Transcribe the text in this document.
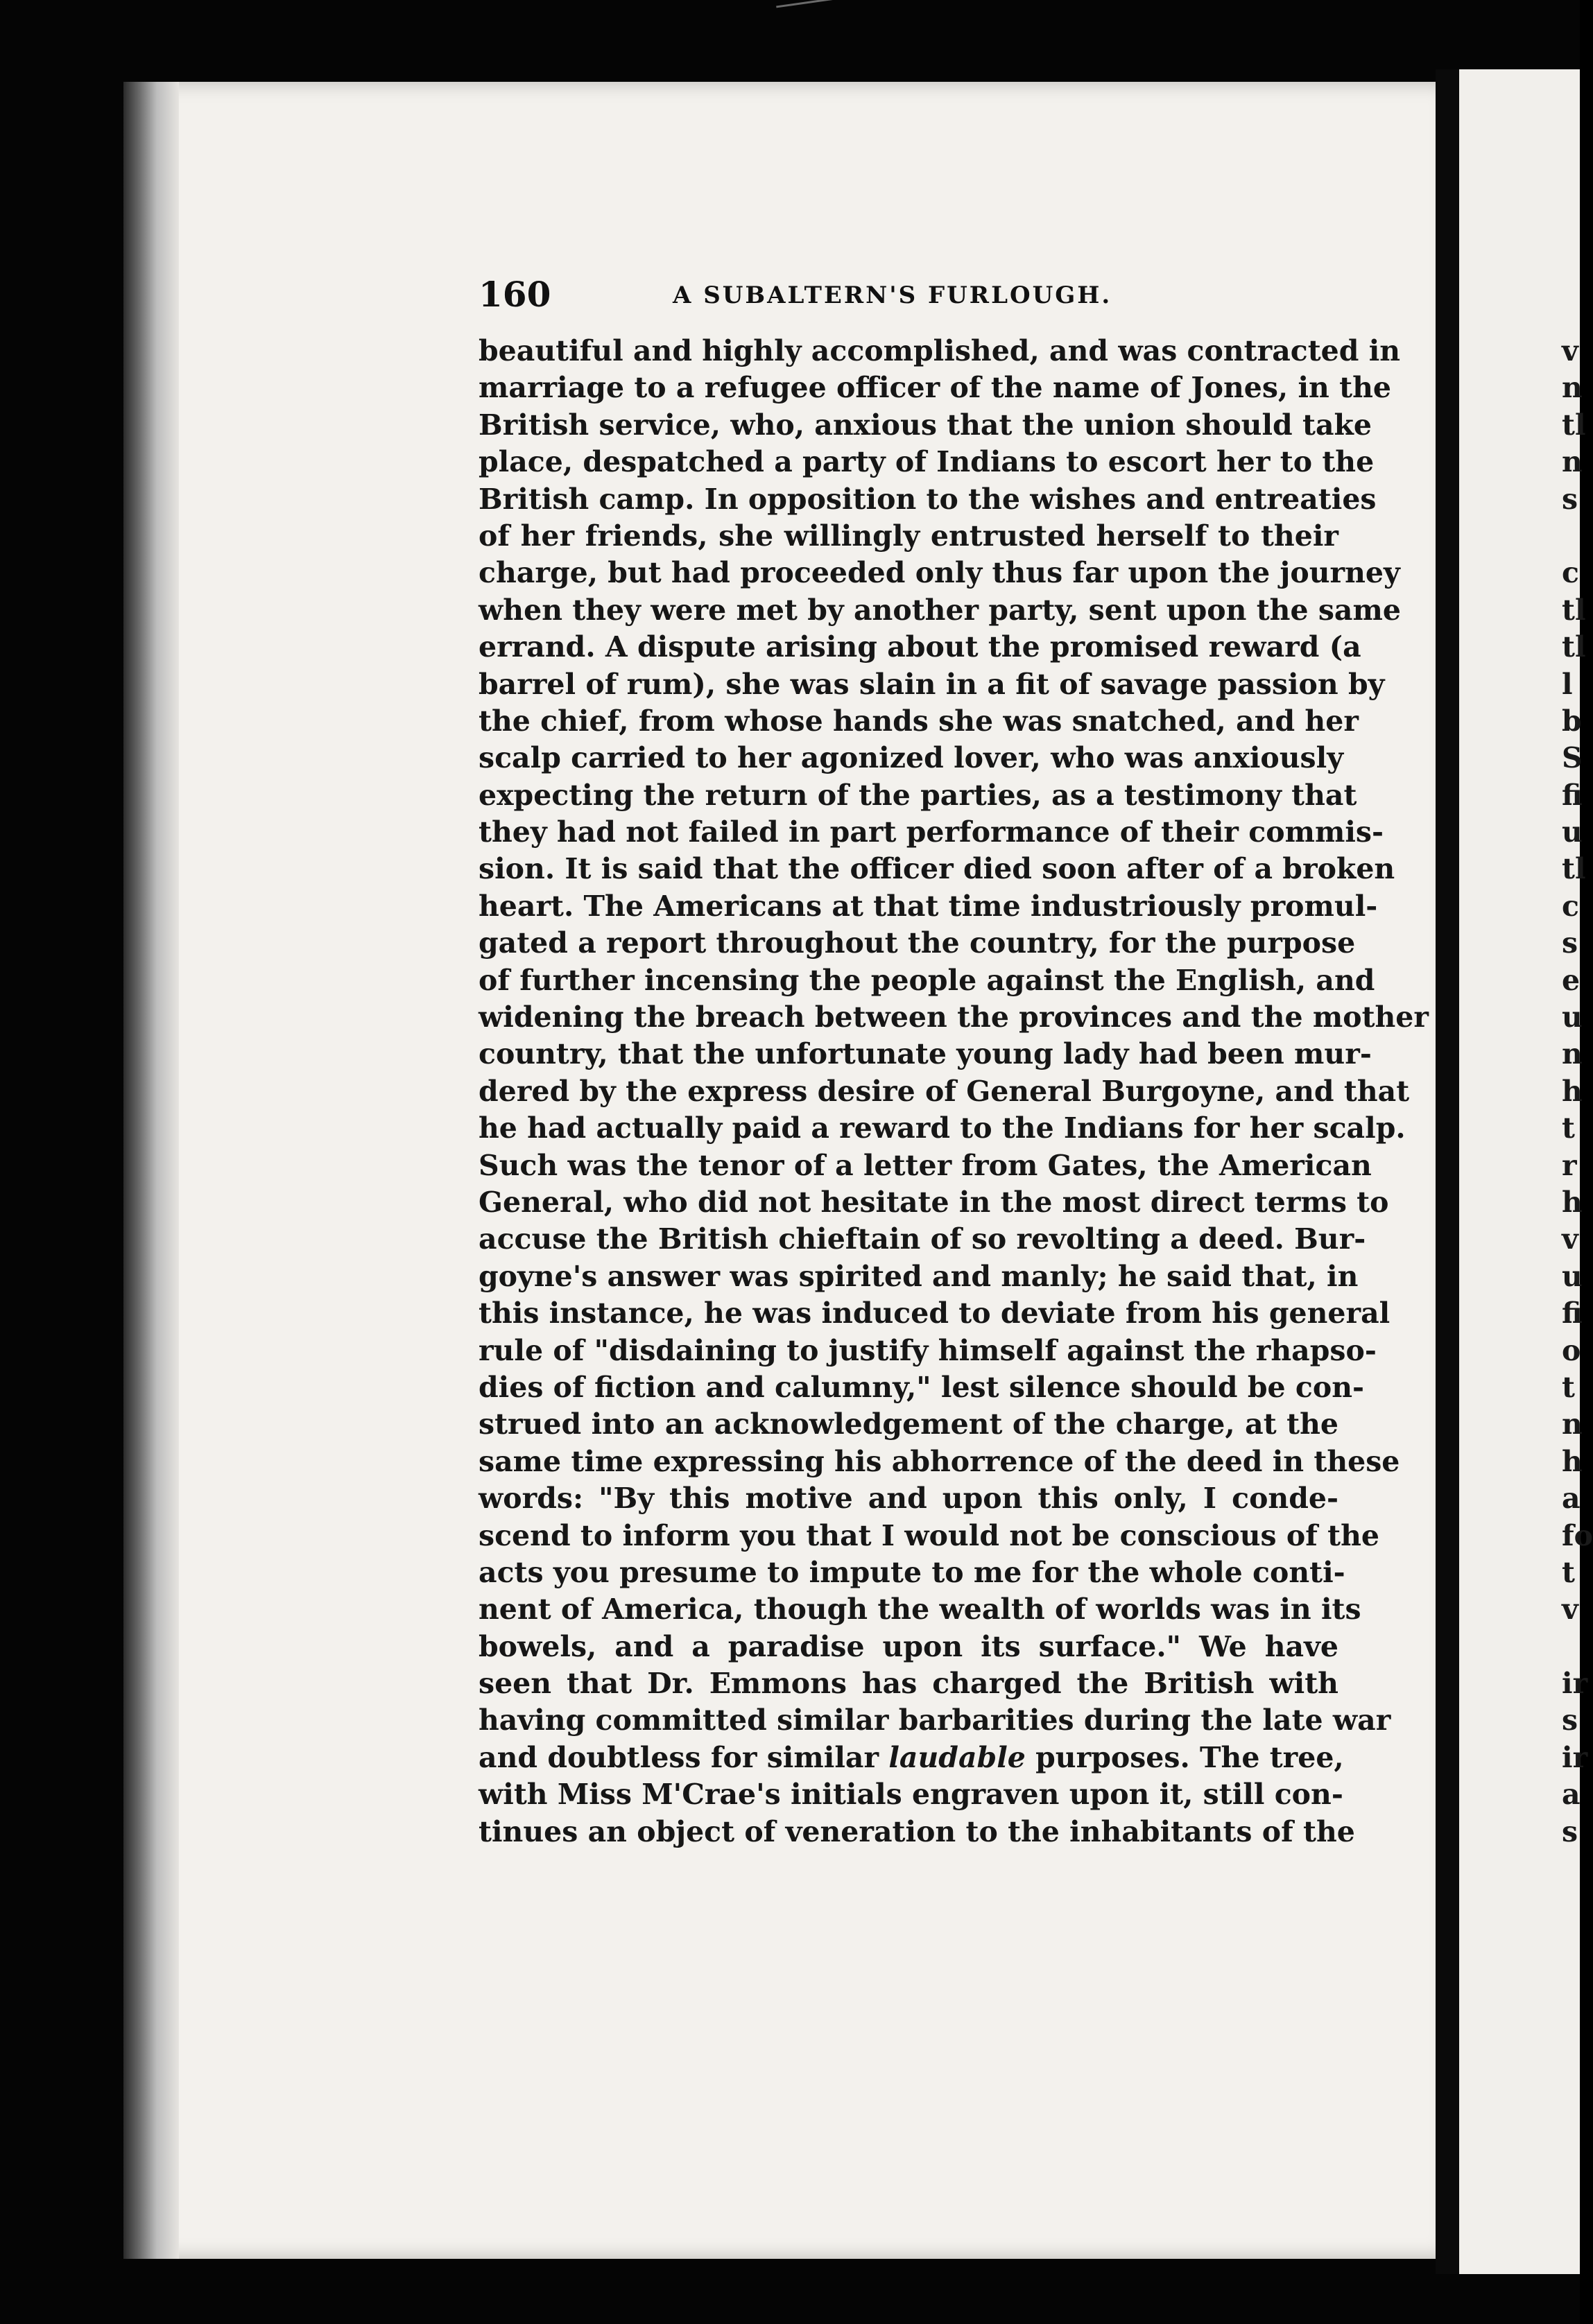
160	A SUBALTERN'S FURLOUGH.
beautiful and highly accomplished, and was contracted in
marriage to a refugee officer of the name of Jones, in the
British service, who, anxious that the union should take
place, despatched a party of Indians to escort her to the
British camp. In opposition to the wishes and entreaties
of her friends, she willingly entrusted herself to their
charge, but had proceeded only thus far upon the journey
when they were met by another party, sent upon the same
errand. A dispute arising about the promised reward (a
barrel of rum), she was slain in a fit of savage passion by
the chief, from whose hands she was snatched, and her
scalp carried to her agonized lover, who was anxiously
expecting the return of the parties, as a testimony that
they had not failed in part performance of their commis-
sion. It is said that the officer died soon after of a broken
heart. The Americans at that time industriously promul-
gated a report throughout the country, for the purpose
of further incensing the people against the English, and
widening the breach between the provinces and the mother
country, that the unfortunate young lady had been mur-
dered by the express desire of General Burgoyne, and that
he had actually paid a reward to the Indians for her scalp.
Such was the tenor of a letter from Gates, the American
General, who did not hesitate in the most direct terms to
accuse the British chieftain of so revolting a deed. Bur-
goyne's answer was spirited and manly; he said that, in
this instance, he was induced to deviate from his general
rule of "disdaining to justify himself against the rhapso-
dies of fiction and calumny," lest silence should be con-
strued into an acknowledgement of the charge, at the
same time expressing his abhorrence of the deed in these
words: "By this motive and upon this only, I conde-
scend to inform you that I would not be conscious of the
acts you presume to impute to me for the whole conti-
nent of America, though the wealth of worlds was in its
bowels, and a paradise upon its surface." We have
seen that Dr. Emmons has charged the British with
having committed similar barbarities during the late war
and doubtless for similar laudable purposes. The tree,
with Miss M'Crae's initials engraven upon it, still con-
tinues an object of veneration to the inhabitants of the
v
n
tl
n
s
c
tl
tl
l
b
S
fi
u
tl
c
s
e
u
n
h
t
r
h
v
u
fi
o
t
n
h
a
fo
t
v
ir
s
ir
a
s
